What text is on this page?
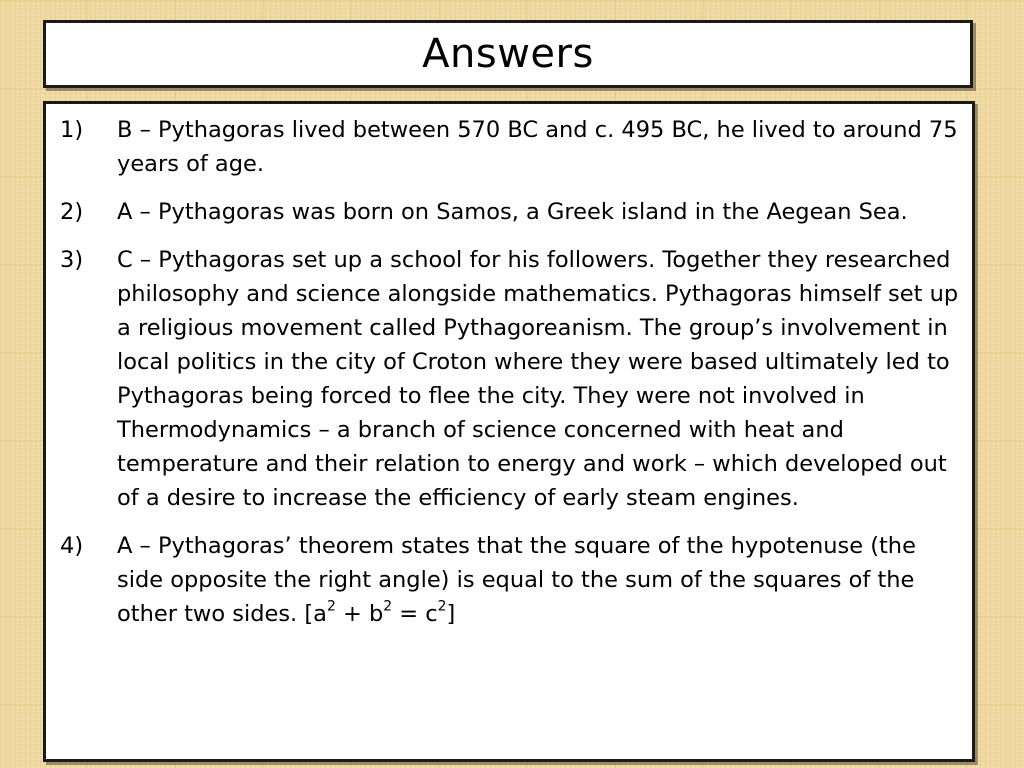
Answers
1)	B – Pythagoras lived between 570 BC and c. 495 BC, he lived to around 75 years of age.
2)	A – Pythagoras was born on Samos, a Greek island in the Aegean Sea.
3)	C – Pythagoras set up a school for his followers. Together they researched philosophy and science alongside mathematics. Pythagoras himself set up a religious movement called Pythagoreanism. The group’s involvement in local politics in the city of Croton where they were based ultimately led to Pythagoras being forced to flee the city. They were not involved in Thermodynamics – a branch of science concerned with heat and temperature and their relation to energy and work – which developed out of a desire to increase the efficiency of early steam engines.
4)	A – Pythagoras’ theorem states that the square of the hypotenuse (the side opposite the right angle) is equal to the sum of the squares of the other two sides. $[a^2 + b^2 = c^2]$
